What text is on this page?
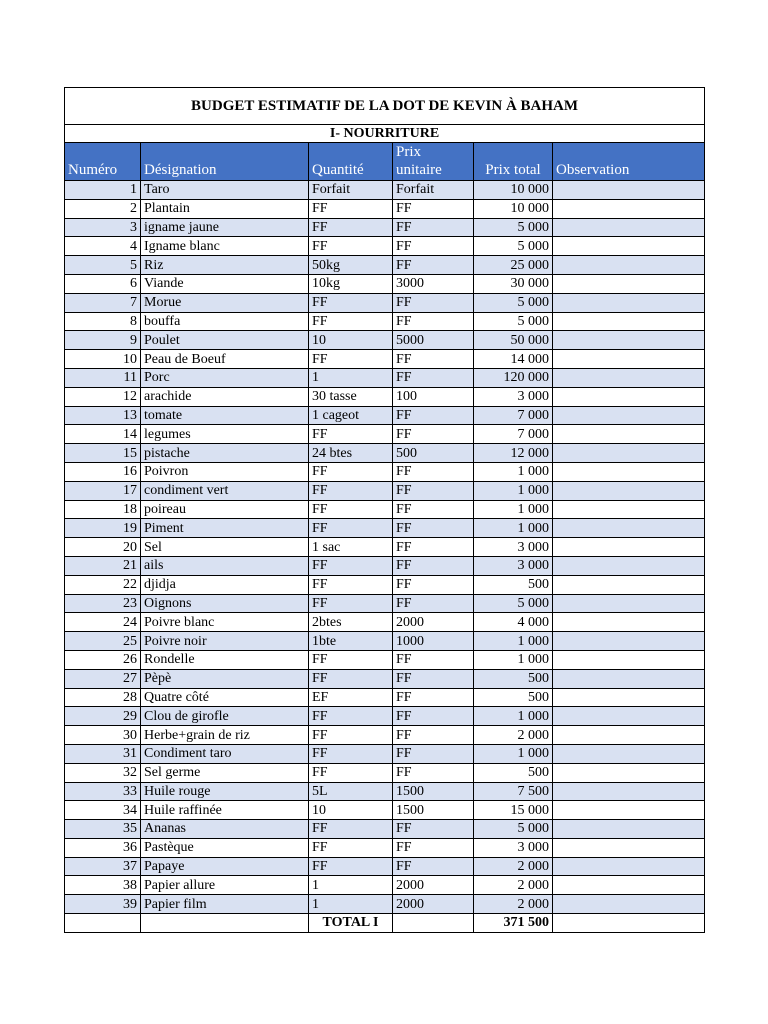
BUDGET ESTIMATIF DE LA DOT DE KEVIN À BAHAM					
I- NOURRITURE					
Numéro	Désignation	Quantité	Prix unitaire	Prix total	Observation
1	Taro	Forfait	Forfait	10 000	
2	Plantain	FF	FF	10 000	
3	igname jaune	FF	FF	5 000	
4	Igname blanc	FF	FF	5 000	
5	Riz	50kg	FF	25 000	
6	Viande	10kg	3000	30 000	
7	Morue	FF	FF	5 000	
8	bouffa	FF	FF	5 000	
9	Poulet	10	5000	50 000	
10	Peau de Boeuf	FF	FF	14 000	
11	Porc	1	FF	120 000	
12	arachide	30 tasse	100	3 000	
13	tomate	1 cageot	FF	7 000	
14	legumes	FF	FF	7 000	
15	pistache	24 btes	500	12 000	
16	Poivron	FF	FF	1 000	
17	condiment vert	FF	FF	1 000	
18	poireau	FF	FF	1 000	
19	Piment	FF	FF	1 000	
20	Sel	1 sac	FF	3 000	
21	ails	FF	FF	3 000	
22	djidja	FF	FF	500	
23	Oignons	FF	FF	5 000	
24	Poivre blanc	2btes	2000	4 000	
25	Poivre noir	1bte	1000	1 000	
26	Rondelle	FF	FF	1 000	
27	Pèpè	FF	FF	500	
28	Quatre côté	EF	FF	500	
29	Clou de girofle	FF	FF	1 000	
30	Herbe+grain de riz	FF	FF	2 000	
31	Condiment taro	FF	FF	1 000	
32	Sel germe	FF	FF	500	
33	Huile rouge	5L	1500	7 500	
34	Huile raffinée	10	1500	15 000	
35	Ananas	FF	FF	5 000	
36	Pastèque	FF	FF	3 000	
37	Papaye	FF	FF	2 000	
38	Papier allure	1	2000	2 000	
39	Papier film	1	2000	2 000	
		TOTAL I		371 500	
